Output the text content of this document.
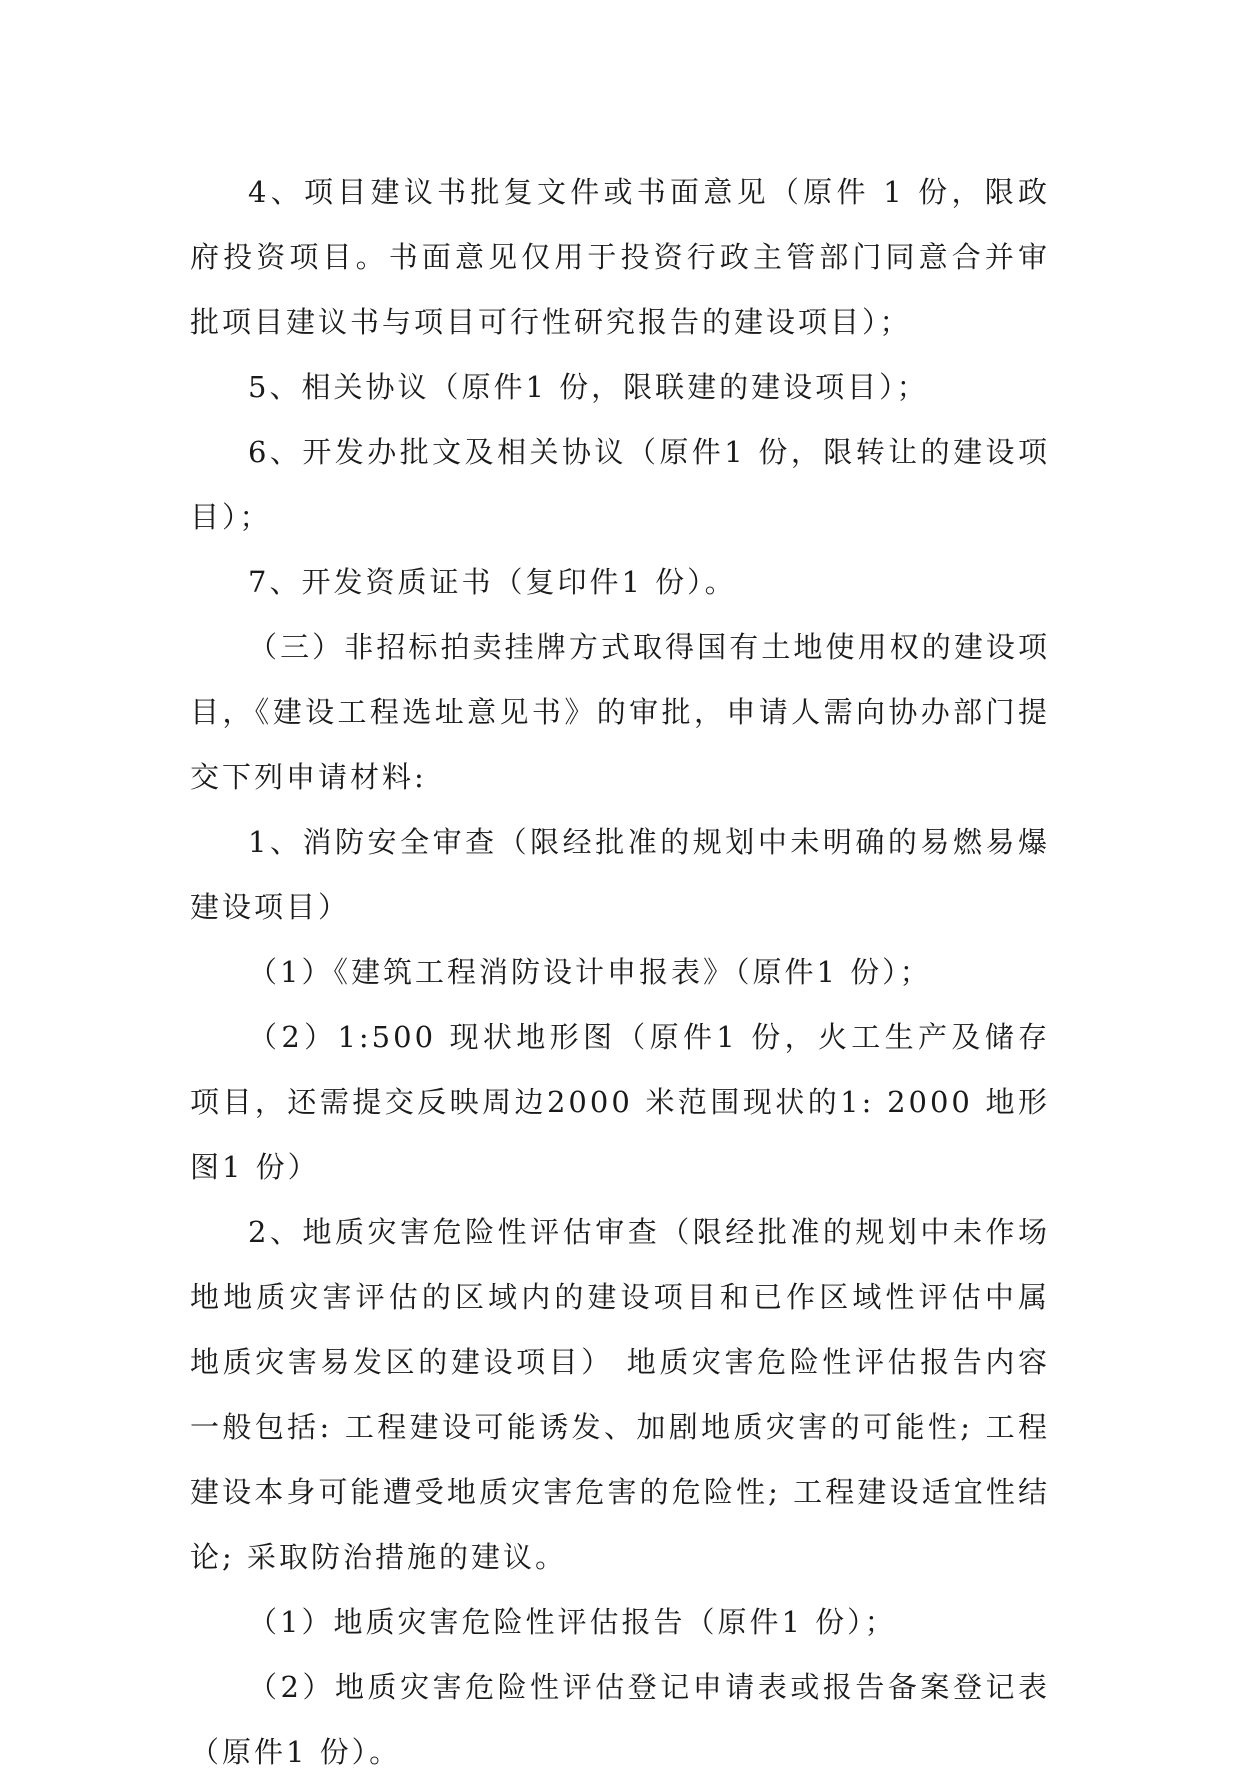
4、项目建议书批复文件或书面意见（原件 1 份，限政府投资项目。书面意见仅用于投资行政主管部门同意合并审批项目建议书与项目可行性研究报告的建设项目）；

5、相关协议（原件1 份，限联建的建设项目）；

6、开发办批文及相关协议（原件1 份，限转让的建设项目）；

7、开发资质证书（复印件1 份）。

（三）非招标拍卖挂牌方式取得国有土地使用权的建设项目，《建设工程选址意见书》的审批，申请人需向协办部门提交下列申请材料:

1、消防安全审查（限经批准的规划中未明确的易燃易爆建设项目）

（1）《建筑工程消防设计申报表》（原件1 份）；

（2）1:500 现状地形图（原件1 份，火工生产及储存项目，还需提交反映周边2000 米范围现状的1: 2000 地形图1 份）

2、地质灾害危险性评估审查（限经批准的规划中未作场地地质灾害评估的区域内的建设项目和已作区域性评估中属地质灾害易发区的建设项目） 地质灾害危险性评估报告内容一般包括: 工程建设可能诱发、加剧地质灾害的可能性; 工程建设本身可能遭受地质灾害危害的危险性; 工程建设适宜性结论; 采取防治措施的建议。

（1）地质灾害危险性评估报告（原件1 份）；

（2）地质灾害危险性评估登记申请表或报告备案登记表（原件1 份）。
